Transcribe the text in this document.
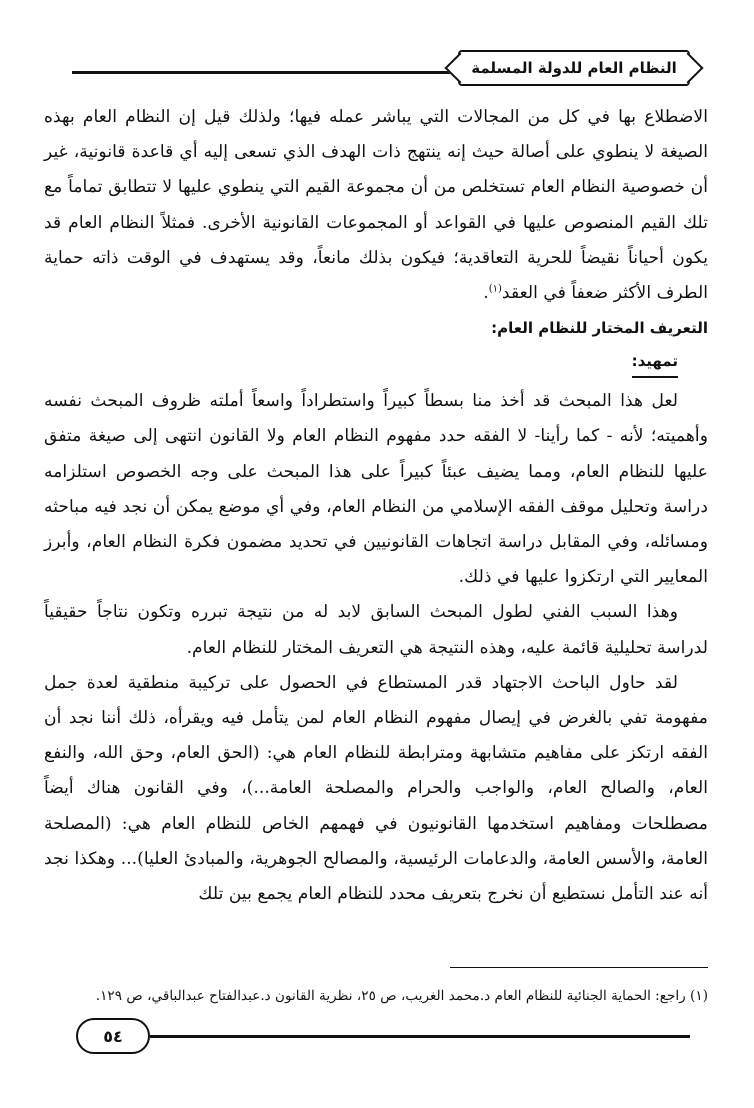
النظام العام للدولة المسلمة

الاضطلاع بها في كل من المجالات التي يباشر عمله فيها؛ ولذلك قيل إن النظام العام بهذه الصيغة لا ينطوي على أصالة حيث إنه ينتهج ذات الهدف الذي تسعى إليه أي قاعدة قانونية، غير أن خصوصية النظام العام تستخلص من أن مجموعة القيم التي ينطوي عليها لا تتطابق تماماً مع تلك القيم المنصوص عليها في القواعد أو المجموعات القانونية الأخرى. فمثلاً النظام العام قد يكون أحياناً نقيضاً للحرية التعاقدية؛ فيكون بذلك مانعاً، وقد يستهدف في الوقت ذاته حماية الطرف الأكثر ضعفاً في العقد$^{(١)}$.

التعريف المختار للنظام العام:

تمهيد:

لعل هذا المبحث قد أخذ منا بسطاً كبيراً واستطراداً واسعاً أملته ظروف المبحث نفسه وأهميته؛ لأنه - كما رأينا- لا الفقه حدد مفهوم النظام العام ولا القانون انتهى إلى صيغة متفق عليها للنظام العام، ومما يضيف عبئاً كبيراً على هذا المبحث على وجه الخصوص استلزامه دراسة وتحليل موقف الفقه الإسلامي من النظام العام، وفي أي موضع يمكن أن نجد فيه مباحثه ومسائله، وفي المقابل دراسة اتجاهات القانونيين في تحديد مضمون فكرة النظام العام، وأبرز المعايير التي ارتكزوا عليها في ذلك.

وهذا السبب الفني لطول المبحث السابق لابد له من نتيجة تبرره وتكون نتاجاً حقيقياً لدراسة تحليلية قائمة عليه، وهذه النتيجة هي التعريف المختار للنظام العام.

لقد حاول الباحث الاجتهاد قدر المستطاع في الحصول على تركيبة منطقية لعدة جمل مفهومة تفي بالغرض في إيصال مفهوم النظام العام لمن يتأمل فيه ويقرأه، ذلك أننا نجد أن الفقه ارتكز على مفاهيم متشابهة ومترابطة للنظام العام هي: (الحق العام، وحق الله، والنفع العام، والصالح العام، والواجب والحرام والمصلحة العامة...)، وفي القانون هناك أيضاً مصطلحات ومفاهيم استخدمها القانونيون في فهمهم الخاص للنظام العام هي: (المصلحة العامة، والأسس العامة، والدعامات الرئيسية، والمصالح الجوهرية، والمبادئ العليا)... وهكذا نجد أنه عند التأمل نستطيع أن نخرج بتعريف محدد للنظام العام يجمع بين تلك

(١) راجع: الحماية الجنائية للنظام العام د.محمد الغريب، ص ٢٥، نظرية القانون د.عبدالفتاح عبدالباقي، ص ١٢٩.

٥٤
